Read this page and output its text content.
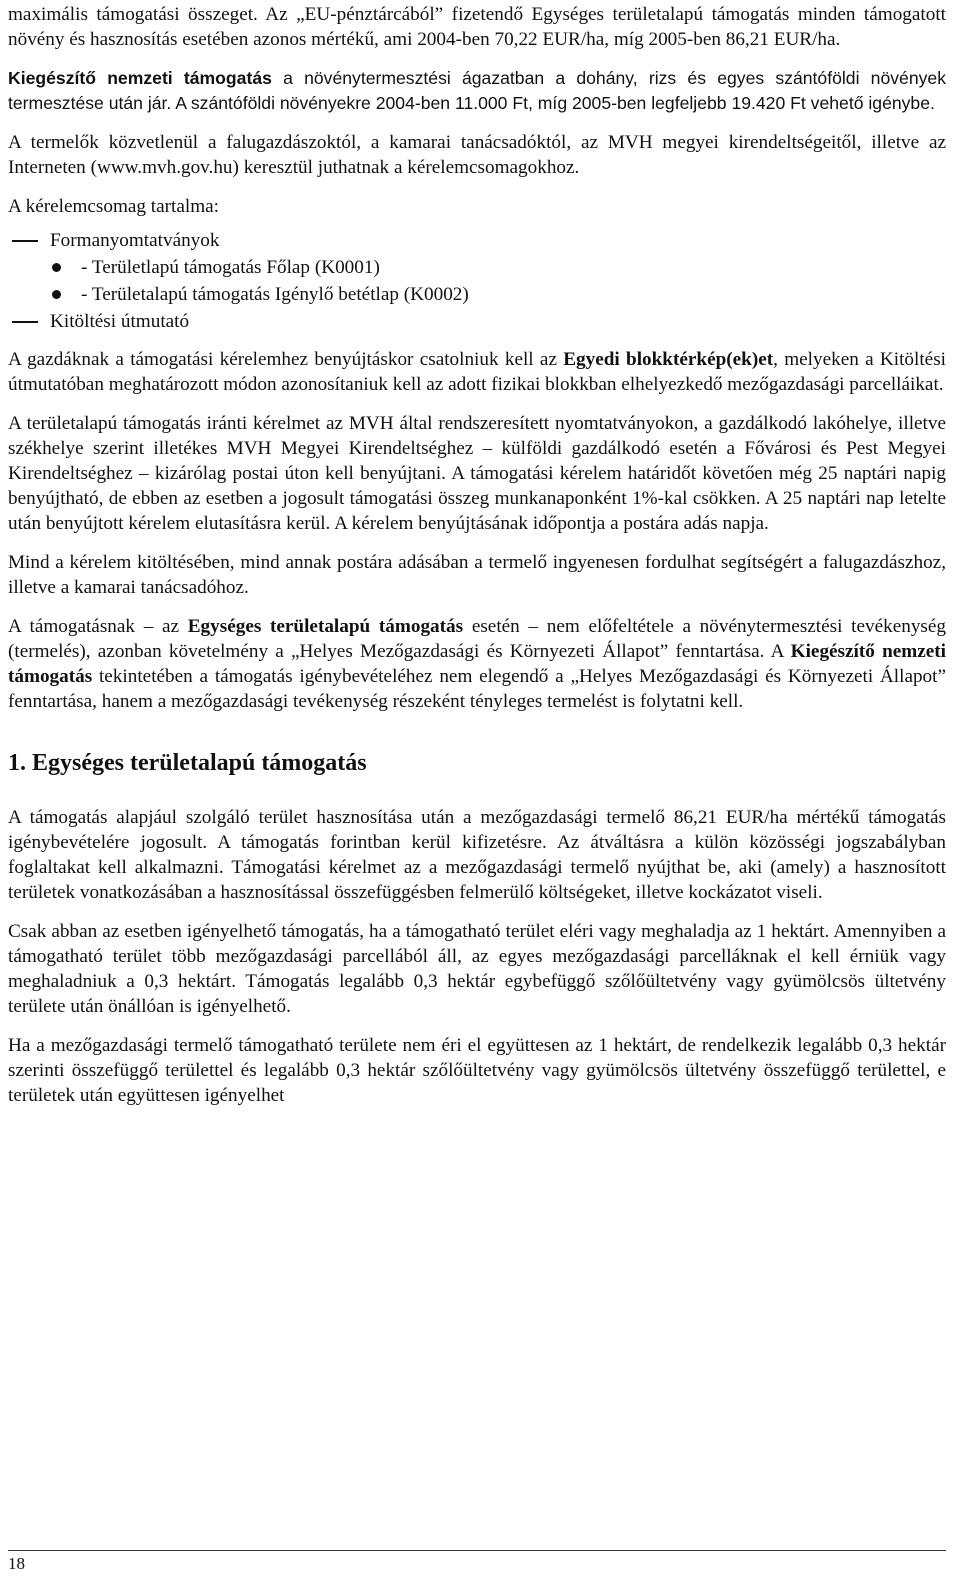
maximális támogatási összeget. Az „EU-pénztárcából” fizetendő Egységes területalapú támogatás minden támogatott növény és hasznosítás esetében azonos mértékű, ami 2004-ben 70,22 EUR/ha, míg 2005-ben 86,21 EUR/ha.

Kiegészítő nemzeti támogatás a növénytermesztési ágazatban a dohány, rizs és egyes szántóföldi növények termesztése után jár. A szántóföldi növényekre 2004-ben 11.000 Ft, míg 2005-ben legfeljebb 19.420 Ft vehető igénybe.

A termelők közvetlenül a falugazdászoktól, a kamarai tanácsadóktól, az MVH megyei kirendeltségeitől, illetve az Interneten (www.mvh.gov.hu) keresztül juthatnak a kérelemcsomagokhoz.

A kérelemcsomag tartalma:

Formanyomtatványok
- Területlapú támogatás Főlap (K0001)
- Területalapú támogatás Igénylő betétlap (K0002)
Kitöltési útmutató

A gazdáknak a támogatási kérelemhez benyújtáskor csatolniuk kell az Egyedi blokktérkép(ek)et, melyeken a Kitöltési útmutatóban meghatározott módon azonosítaniuk kell az adott fizikai blokkban elhelyezkedő mezőgazdasági parcelláikat.

A területalapú támogatás iránti kérelmet az MVH által rendszeresített nyomtatványokon, a gazdálkodó lakóhelye, illetve székhelye szerint illetékes MVH Megyei Kirendeltséghez – külföldi gazdálkodó esetén a Fővárosi és Pest Megyei Kirendeltséghez – kizárólag postai úton kell benyújtani. A támogatási kérelem határidőt követően még 25 naptári napig benyújtható, de ebben az esetben a jogosult támogatási összeg munkanaponként 1%-kal csökken. A 25 naptári nap letelte után benyújtott kérelem elutasításra kerül. A kérelem benyújtásának időpontja a postára adás napja.

Mind a kérelem kitöltésében, mind annak postára adásában a termelő ingyenesen fordulhat segítségért a falugazdászhoz, illetve a kamarai tanácsadóhoz.

A támogatásnak – az Egységes területalapú támogatás esetén – nem előfeltétele a növénytermesztési tevékenység (termelés), azonban követelmény a „Helyes Mezőgazdasági és Környezeti Állapot” fenntartása. A Kiegészítő nemzeti támogatás tekintetében a támogatás igénybevételéhez nem elegendő a „Helyes Mezőgazdasági és Környezeti Állapot” fenntartása, hanem a mezőgazdasági tevékenység részeként tényleges termelést is folytatni kell.

1. Egységes területalapú támogatás

A támogatás alapjául szolgáló terület hasznosítása után a mezőgazdasági termelő 86,21 EUR/ha mértékű támogatás igénybevételére jogosult. A támogatás forintban kerül kifizetésre. Az átváltásra a külön közösségi jogszabályban foglaltakat kell alkalmazni. Támogatási kérelmet az a mezőgazdasági termelő nyújthat be, aki (amely) a hasznosított területek vonatkozásában a hasznosítással összefüggésben felmerülő költségeket, illetve kockázatot viseli.

Csak abban az esetben igényelhető támogatás, ha a támogatható terület eléri vagy meghaladja az 1 hektárt. Amennyiben a támogatható terület több mezőgazdasági parcellából áll, az egyes mezőgazdasági parcelláknak el kell érniük vagy meghaladniuk a 0,3 hektárt. Támogatás legalább 0,3 hektár egybefüggő szőlőültetvény vagy gyümölcsös ültetvény területe után önállóan is igényelhető.

Ha a mezőgazdasági termelő támogatható területe nem éri el együttesen az 1 hektárt, de rendelkezik legalább 0,3 hektár szerinti összefüggő területtel és legalább 0,3 hektár szőlőültetvény vagy gyümölcsös ültetvény összefüggő területtel, e területek után együttesen igényelhet

18
